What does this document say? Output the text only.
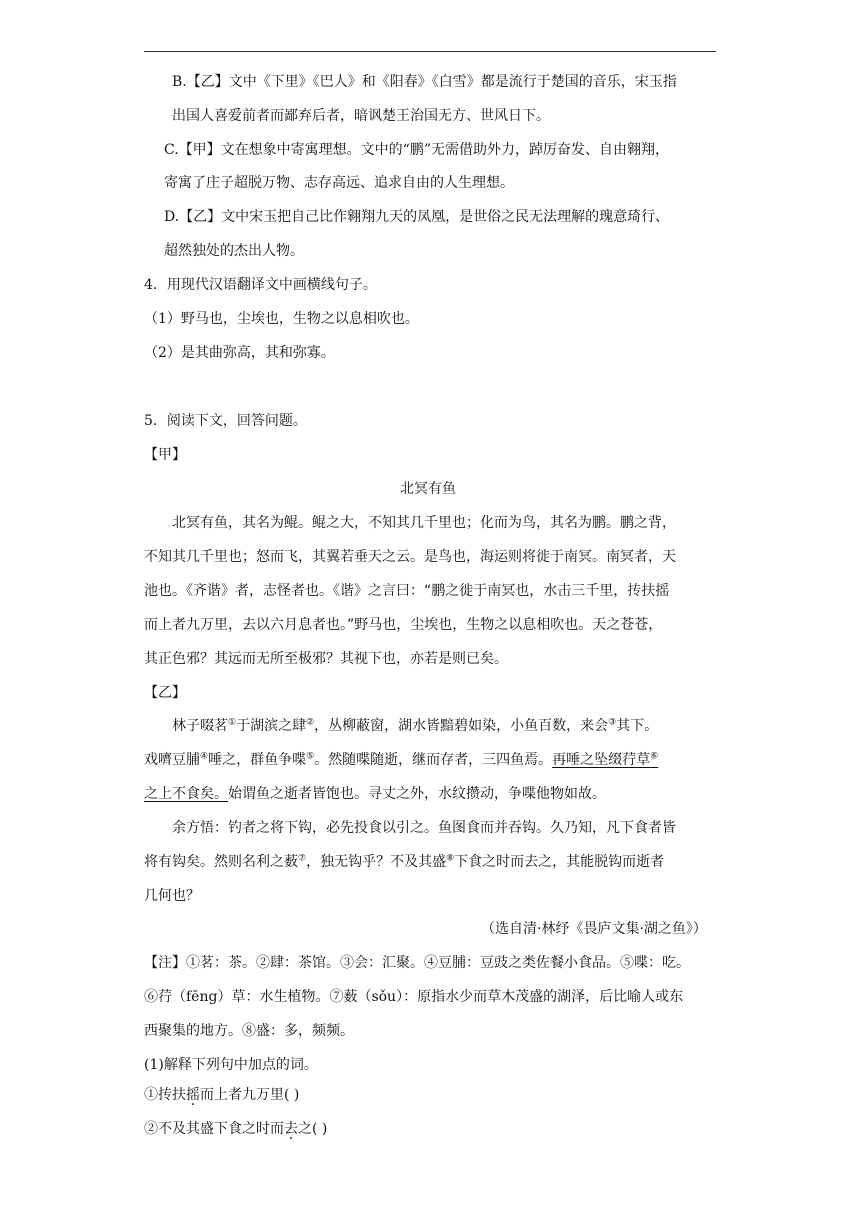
B.【乙】文中《下里》《巴人》和《阳春》《白雪》都是流行于楚国的音乐，宋玉指
出国人喜爱前者而鄙弃后者，暗讽楚王治国无方、世风日下。
C.【甲】文在想象中寄寓理想。文中的“鹏”无需借助外力，踔厉奋发、自由翱翔，
寄寓了庄子超脱万物、志存高远、追求自由的人生理想。
D.【乙】文中宋玉把自己比作翱翔九天的凤凰，是世俗之民无法理解的瑰意琦行、
超然独处的杰出人物。
4．用现代汉语翻译文中画横线句子。
（1）野马也，尘埃也，生物之以息相吹也。
（2）是其曲弥高，其和弥寡。
5．阅读下文，回答问题。
【甲】
北冥有鱼
北冥有鱼，其名为鲲。鲲之大，不知其几千里也；化而为鸟，其名为鹏。鹏之背，
不知其几千里也；怒而飞，其翼若垂天之云。是鸟也，海运则将徙于南冥。南冥者，天
池也。《齐谐》者，志怪者也。《谐》之言曰：“鹏之徙于南冥也，水击三千里，抟扶摇
而上者九万里，去以六月息者也。”野马也，尘埃也，生物之以息相吹也。天之苍苍，
其正色邪？其远而无所至极邪？其视下也，亦若是则已矣。
【乙】
林子啜茗①于湖滨之肆②，丛柳蔽窗，湖水皆黯碧如染，小鱼百数，来会③其下。
戏嚌豆脯④唾之，群鱼争喋⑤。然随喋随逝，继而存者，三四鱼焉。再唾之坠缀荇草⑥
之上不食矣。始谓鱼之逝者皆饱也。寻丈之外，水纹攒动，争喋他物如故。
余方悟：钓者之将下钩，必先投食以引之。鱼图食而并吞钩。久乃知，凡下食者皆
将有钩矣。然则名利之薮⑦，独无钩乎？不及其盛⑧下食之时而去之，其能脱钩而逝者
几何也？
（选自清·林纾《畏庐文集·湖之鱼》）
【注】①茗：茶。②肆：茶馆。③会：汇聚。④豆脯：豆豉之类佐餐小食品。⑤喋：吃。
⑥荇（fēng）草：水生植物。⑦薮（sǒu）：原指水少而草木茂盛的湖泽，后比喻人或东
西聚集的地方。⑧盛：多，频频。
(1)解释下列句中加点的词。
①抟扶摇而上者九万里( )
②不及其盛下食之时而去之( )
